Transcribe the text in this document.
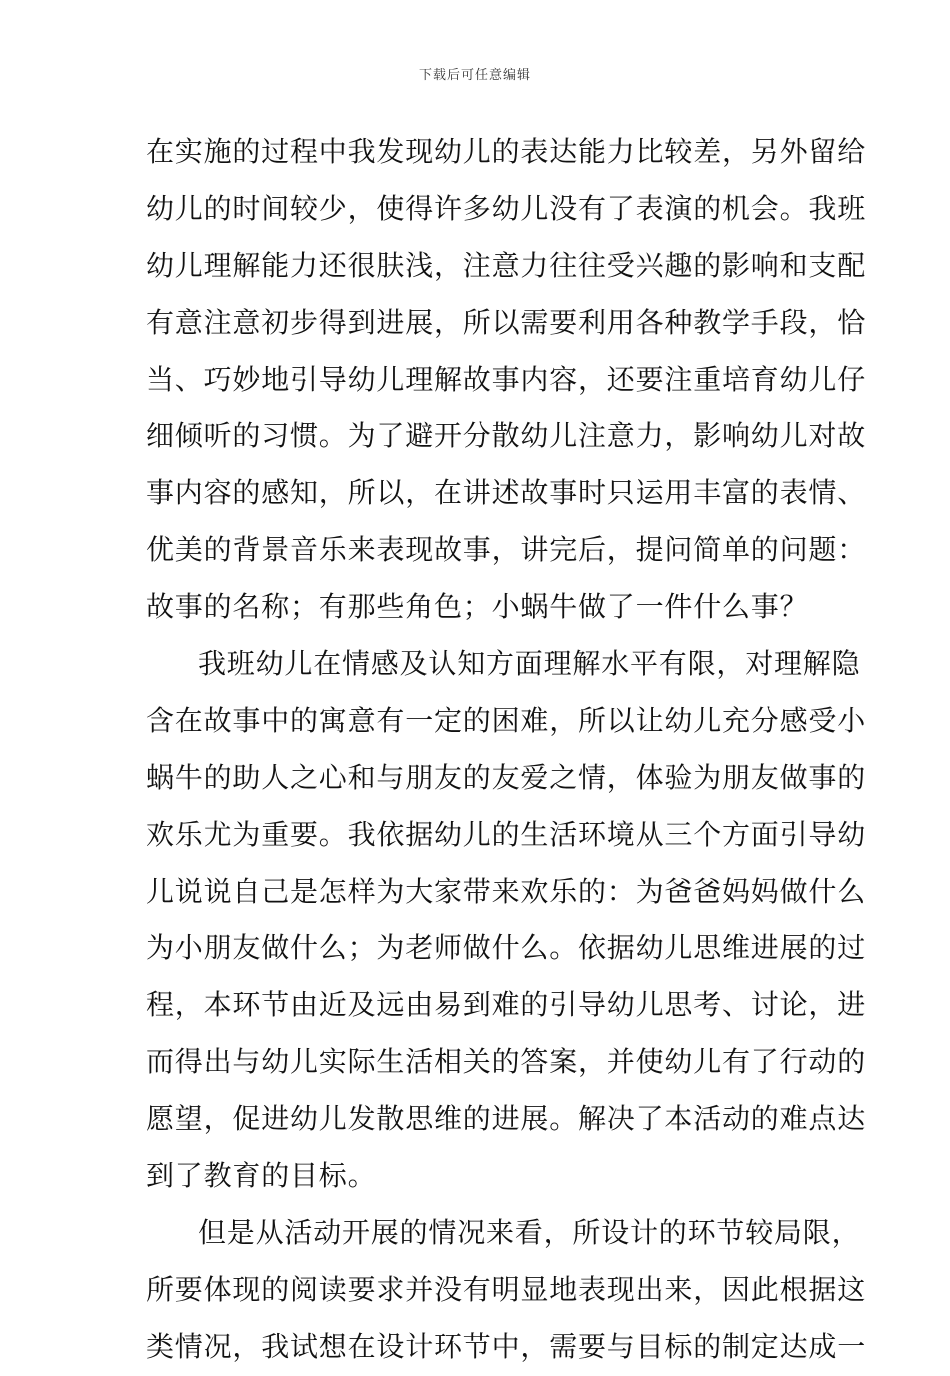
下载后可任意编辑
在实施的过程中我发现幼儿的表达能力比较差，另外留给
幼儿的时间较少，使得许多幼儿没有了表演的机会。我班
幼儿理解能力还很肤浅，注意力往往受兴趣的影响和支配
有意注意初步得到进展，所以需要利用各种教学手段，恰
当、巧妙地引导幼儿理解故事内容，还要注重培育幼儿仔
细倾听的习惯。为了避开分散幼儿注意力，影响幼儿对故
事内容的感知，所以，在讲述故事时只运用丰富的表情、
优美的背景音乐来表现故事，讲完后，提问简单的问题：
故事的名称；有那些角色；小蜗牛做了一件什么事？
我班幼儿在情感及认知方面理解水平有限，对理解隐
含在故事中的寓意有一定的困难，所以让幼儿充分感受小
蜗牛的助人之心和与朋友的友爱之情，体验为朋友做事的
欢乐尤为重要。我依据幼儿的生活环境从三个方面引导幼
儿说说自己是怎样为大家带来欢乐的：为爸爸妈妈做什么
为小朋友做什么；为老师做什么。依据幼儿思维进展的过
程，本环节由近及远由易到难的引导幼儿思考、讨论，进
而得出与幼儿实际生活相关的答案，并使幼儿有了行动的
愿望，促进幼儿发散思维的进展。解决了本活动的难点达
到了教育的目标。
但是从活动开展的情况来看，所设计的环节较局限，
所要体现的阅读要求并没有明显地表现出来，因此根据这
类情况，我试想在设计环节中，需要与目标的制定达成一
